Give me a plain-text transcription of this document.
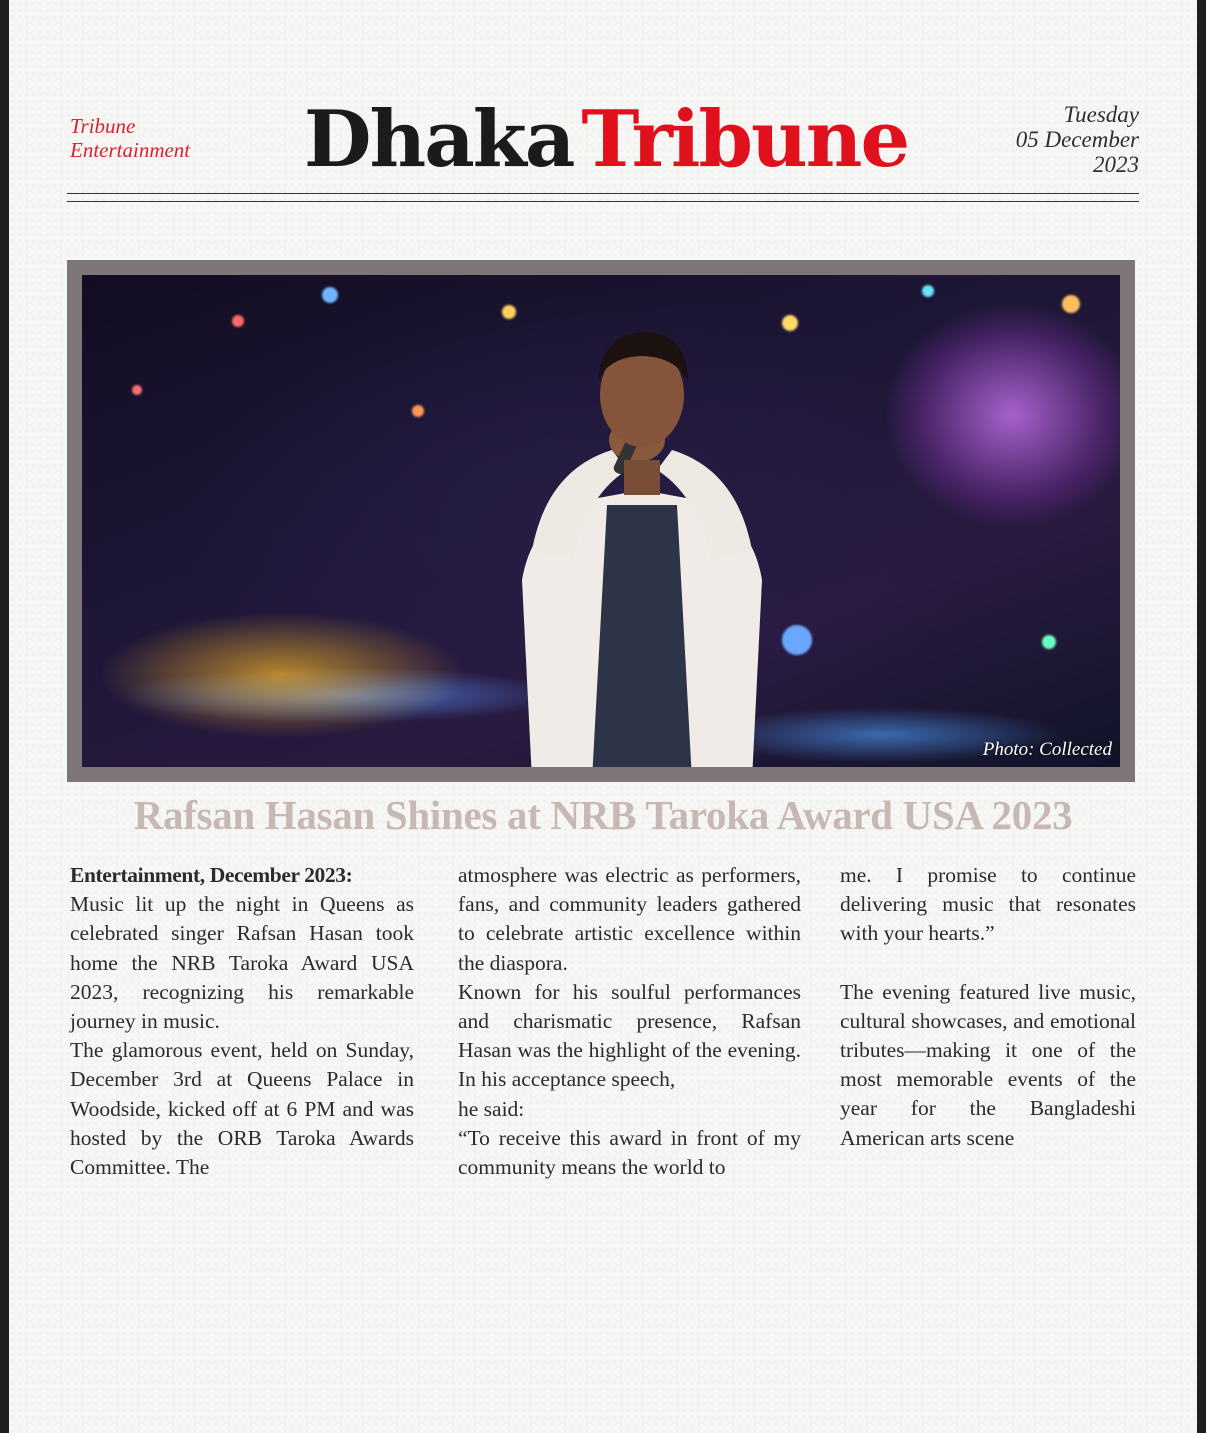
Tribune
Entertainment Dhaka Tribune	Tuesday
05 December
2023
Photo: Collected
Rafsan Hasan Shines at NRB Taroka Award USA 2023

Entertainment, December 2023:

Music lit up the night in Queens as celebrated singer Rafsan Hasan took home the NRB Taroka Award USA 2023, recognizing his remarkable journey in music.

The glamorous event, held on Sunday, December 3rd at Queens Palace in Woodside, kicked off at 6 PM and was hosted by the ORB Taroka Awards Committee. The

atmosphere was electric as performers, fans, and community leaders gathered to celebrate artistic excellence within the diaspora.

Known for his soulful performances and charismatic presence, Rafsan Hasan was the highlight of the evening. In his acceptance speech,

he said:

“To receive this award in front of my community means the world to

me. I promise to continue delivering music that resonates with your hearts.”

The evening featured live music, cultural showcases, and emotional tributes—making it one of the most memorable events of the year for the Bangladeshi American arts scene
